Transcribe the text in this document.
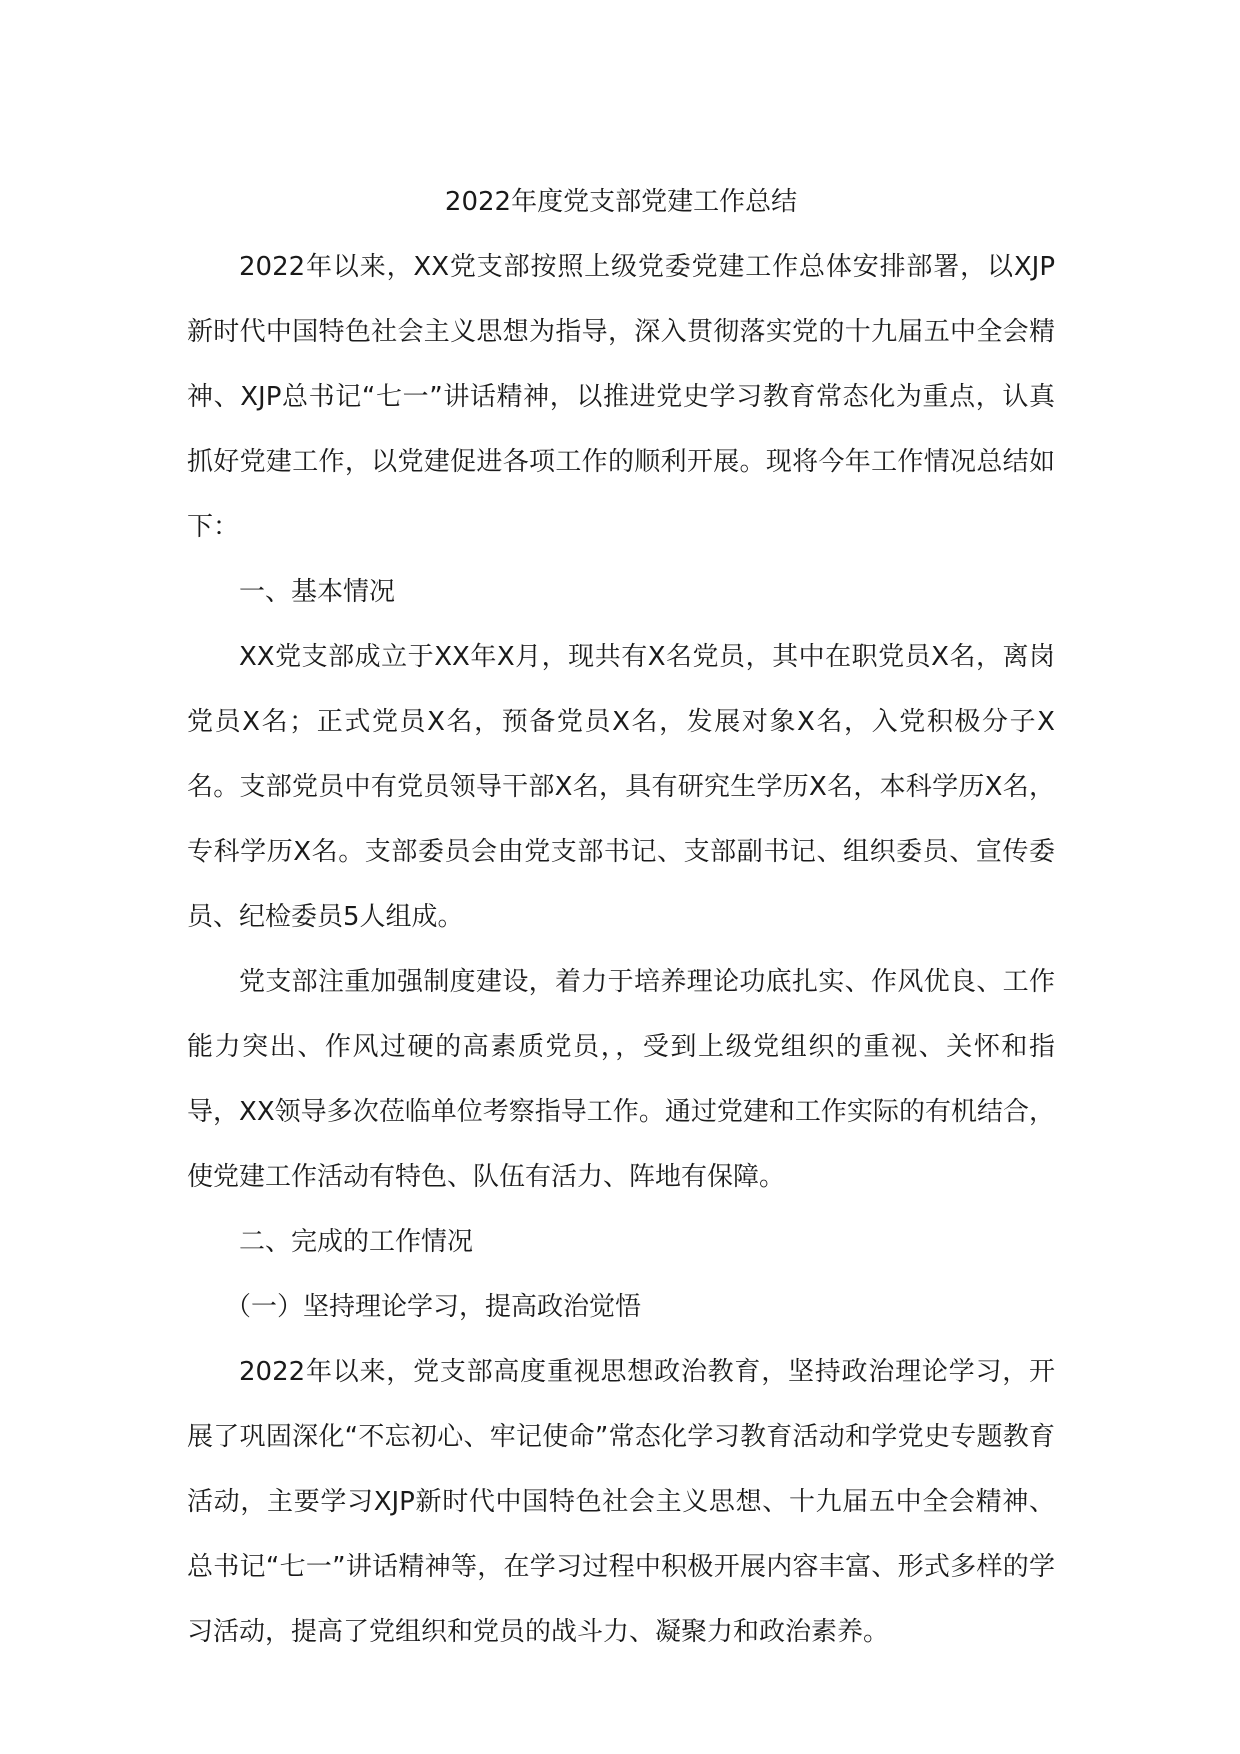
2022年度党支部党建工作总结

2022年以来，XX党支部按照上级党委党建工作总体安排部署，以XJP新时代中国特色社会主义思想为指导，深入贯彻落实党的十九届五中全会精神、XJP总书记“七一”讲话精神，以推进党史学习教育常态化为重点，认真抓好党建工作，以党建促进各项工作的顺利开展。现将今年工作情况总结如下：

一、基本情况

XX党支部成立于XX年X月，现共有X名党员，其中在职党员X名，离岗党员X名；正式党员X名，预备党员X名，发展对象X名，入党积极分子X名。支部党员中有党员领导干部X名，具有研究生学历X名，本科学历X名，专科学历X名。支部委员会由党支部书记、支部副书记、组织委员、宣传委员、纪检委员5人组成。

党支部注重加强制度建设，着力于培养理论功底扎实、作风优良、工作能力突出、作风过硬的高素质党员，，受到上级党组织的重视、关怀和指导，XX领导多次莅临单位考察指导工作。通过党建和工作实际的有机结合，使党建工作活动有特色、队伍有活力、阵地有保障。

二、完成的工作情况

（一）坚持理论学习，提高政治觉悟

2022年以来，党支部高度重视思想政治教育，坚持政治理论学习，开展了巩固深化“不忘初心、牢记使命”常态化学习教育活动和学党史专题教育活动，主要学习XJP新时代中国特色社会主义思想、十九届五中全会精神、总书记“七一”讲话精神等，在学习过程中积极开展内容丰富、形式多样的学习活动，提高了党组织和党员的战斗力、凝聚力和政治素养。
